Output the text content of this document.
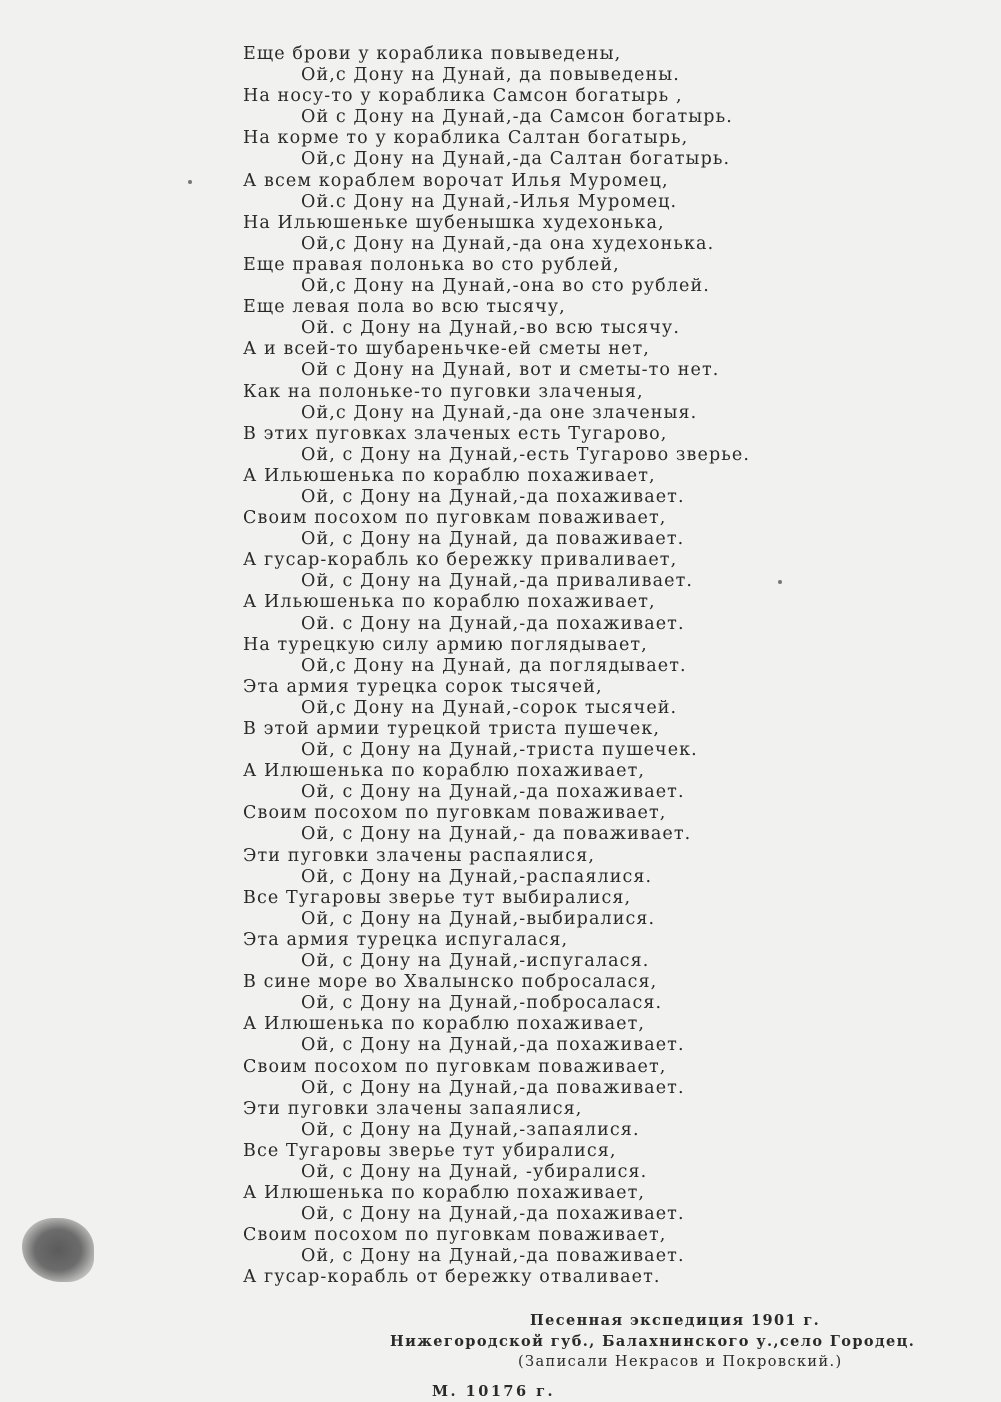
Еще брови у кораблика повыведены,
Ой,с Дону на Дунай, да повыведены.
На носу-то у кораблика Самсон богатырь ,
Ой с Дону на Дунай,-да Самсон богатырь.
На корме то у кораблика Салтан богатырь,
Ой,с Дону на Дунай,-да Салтан богатырь.
А всем кораблем ворочат Илья Муромец,
Ой.с Дону на Дунай,-Илья Муромец.
На Ильюшеньке шубенышка худехонька,
Ой,с Дону на Дунай,-да она худехонька.
Еще правая полонька во сто рублей,
Ой,с Дону на Дунай,-она во сто рублей.
Еще левая пола во всю тысячу,
Ой. с Дону на Дунай,-во всю тысячу.
А и всей-то шубареньчке-ей сметы нет,
Ой с Дону на Дунай, вот и сметы-то нет.
Как на полоньке-то пуговки злаченыя,
Ой,с Дону на Дунай,-да оне злаченыя.
В этих пуговках злаченых есть Тугарово,
Ой, с Дону на Дунай,-есть Тугарово зверье.
А Ильюшенька по кораблю похаживает,
Ой, с Дону на Дунай,-да похаживает.
Своим посохом по пуговкам поваживает,
Ой, с Дону на Дунай, да поваживает.
А гусар-корабль ко бережку приваливает,
Ой, с Дону на Дунай,-да приваливает.
А Ильюшенька по кораблю похаживает,
Ой. с Дону на Дунай,-да похаживает.
На турецкую силу армию поглядывает,
Ой,с Дону на Дунай, да поглядывает.
Эта армия турецка сорок тысячей,
Ой,с Дону на Дунай,-сорок тысячей.
В этой армии турецкой триста пушечек,
Ой, с Дону на Дунай,-триста пушечек.
А Илюшенька по кораблю похаживает,
Ой, с Дону на Дунай,-да похаживает.
Своим посохом по пуговкам поваживает,
Ой, с Дону на Дунай,- да поваживает.
Эти пуговки злачены распаялися,
Ой, с Дону на Дунай,-распаялися.
Все Тугаровы зверье тут выбиралися,
Ой, с Дону на Дунай,-выбиралися.
Эта армия турецка испугалася,
Ой, с Дону на Дунай,-испугалася.
В сине море во Хвалынско побросалася,
Ой, с Дону на Дунай,-побросалася.
А Илюшенька по кораблю похаживает,
Ой, с Дону на Дунай,-да похаживает.
Своим посохом по пуговкам поваживает,
Ой, с Дону на Дунай,-да поваживает.
Эти пуговки злачены запаялися,
Ой, с Дону на Дунай,-запаялися.
Все Тугаровы зверье тут убиралися,
Ой, с Дону на Дунай, -убиралися.
А Илюшенька по кораблю похаживает,
Ой, с Дону на Дунай,-да похаживает.
Своим посохом по пуговкам поваживает,
Ой, с Дону на Дунай,-да поваживает.
А гусар-корабль от бережку отваливает.
Песенная экспедиция 1901 г.
Нижегородской губ., Балахнинского у.,село Городец.
(Записали Некрасов и Покровский.)
М. 10176 г.
